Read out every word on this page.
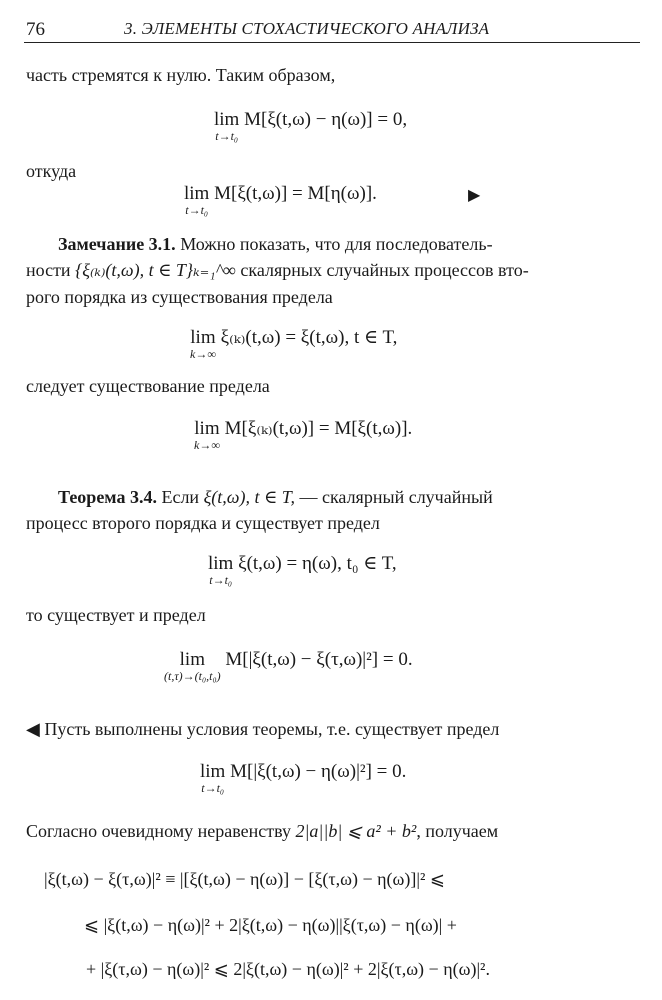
76	3. ЭЛЕМЕНТЫ СТОХАСТИЧЕСКОГО АНАЛИЗА
часть стремятся к нулю. Таким образом,
lim
t→t₀
M[ξ(t,ω) − η(ω)] = 0,
откуда
lim
t→t₀
M[ξ(t,ω)] = M[η(ω)].	▶
Замечание 3.1. Можно показать, что для последователь-
ности {ξ₍ₖ₎(t,ω), t ∈ T}ₖ₌₁^∞ скалярных случайных процессов вто-
рого порядка из существования предела
lim
k→∞
ξ₍ₖ₎(t,ω) = ξ(t,ω), t ∈ T,
следует существование предела
lim
k→∞
M[ξ₍ₖ₎(t,ω)] = M[ξ(t,ω)].
Теорема 3.4. Если ξ(t,ω), t ∈ T, — скалярный случайный
процесс второго порядка и существует предел
lim
t→t₀
ξ(t,ω) = η(ω), t₀ ∈ T,
то существует и предел
lim
(t,τ)→(t₀,t₀)
M[|ξ(t,ω) − ξ(τ,ω)|²] = 0.
◀ Пусть выполнены условия теоремы, т.е. существует предел
lim
t→t₀
M[|ξ(t,ω) − η(ω)|²] = 0.
Согласно очевидному неравенству 2|a||b| ⩽ a² + b², получаем
|ξ(t,ω) − ξ(τ,ω)|² ≡ |[ξ(t,ω) − η(ω)] − [ξ(τ,ω) − η(ω)]|² ⩽
⩽ |ξ(t,ω) − η(ω)|² + 2|ξ(t,ω) − η(ω)||ξ(τ,ω) − η(ω)| +
+ |ξ(τ,ω) − η(ω)|² ⩽ 2|ξ(t,ω) − η(ω)|² + 2|ξ(τ,ω) − η(ω)|².
